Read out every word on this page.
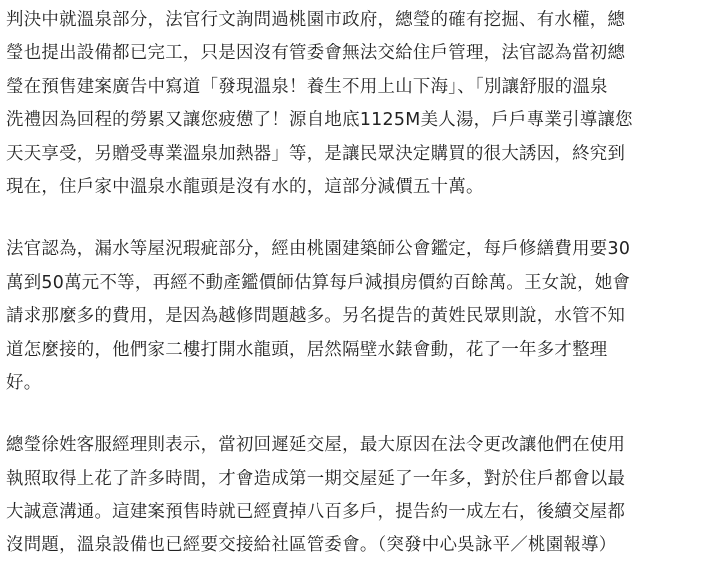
判決中就溫泉部分，法官行文詢問過桃園市政府，總瑩的確有挖掘、有水權，總
瑩也提出設備都已完工，只是因沒有管委會無法交給住戶管理，法官認為當初總
瑩在預售建案廣告中寫道「發現溫泉！養生不用上山下海」、「別讓舒服的溫泉
洗禮因為回程的勞累又讓您疲憊了！源自地底1125M美人湯，戶戶專業引導讓您
天天享受，另贈受專業溫泉加熱器」等，是讓民眾決定購買的很大誘因，終究到
現在，住戶家中溫泉水龍頭是沒有水的，這部分減價五十萬。

法官認為，漏水等屋況瑕疵部分，經由桃園建築師公會鑑定，每戶修繕費用要30
萬到50萬元不等，再經不動產鑑價師估算每戶減損房價約百餘萬。王女說，她會
請求那麼多的費用，是因為越修問題越多。另名提告的黃姓民眾則說，水管不知
道怎麼接的，他們家二樓打開水龍頭，居然隔壁水錶會動，花了一年多才整理
好。

總瑩徐姓客服經理則表示，當初回遲延交屋，最大原因在法令更改讓他們在使用
執照取得上花了許多時間，才會造成第一期交屋延了一年多，對於住戶都會以最
大誠意溝通。這建案預售時就已經賣掉八百多戶，提告約一成左右，後續交屋都
沒問題，溫泉設備也已經要交接給社區管委會。（突發中心吳詠平／桃園報導）
